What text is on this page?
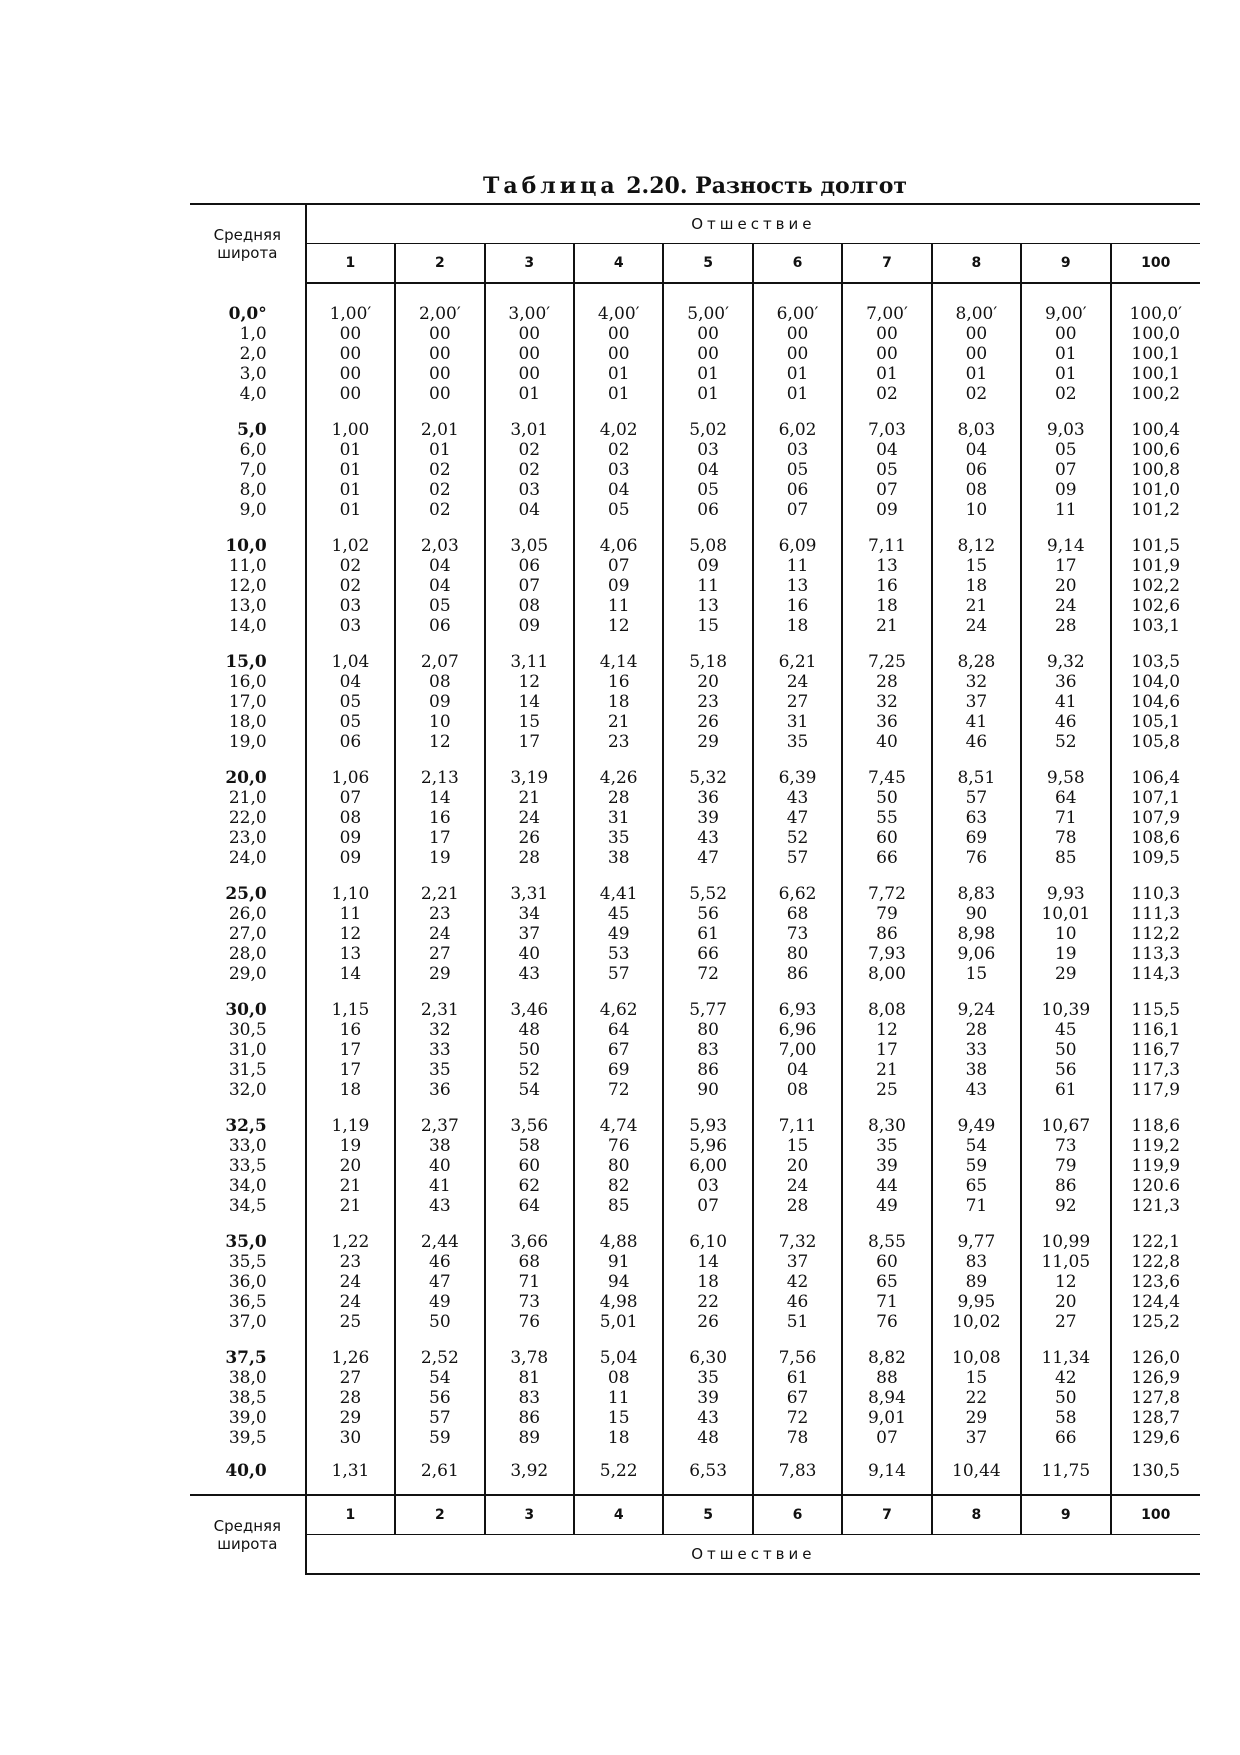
Таблица 2.20. Разность долгот
Средняя
широта	Отшествие									
	1	2	3	4	5	6	7	8	9	100

0,0°	1,00′	2,00′	3,00′	4,00′	5,00′	6,00′	7,00′	8,00′	9,00′	100,0′
1,0	00	00	00	00	00	00	00	00	00	100,0
2,0	00	00	00	00	00	00	00	00	01	100,1
3,0	00	00	00	01	01	01	01	01	01	100,1
4,0	00	00	01	01	01	01	02	02	02	100,2

5,0	1,00	2,01	3,01	4,02	5,02	6,02	7,03	8,03	9,03	100,4
6,0	01	01	02	02	03	03	04	04	05	100,6
7,0	01	02	02	03	04	05	05	06	07	100,8
8,0	01	02	03	04	05	06	07	08	09	101,0
9,0	01	02	04	05	06	07	09	10	11	101,2

10,0	1,02	2,03	3,05	4,06	5,08	6,09	7,11	8,12	9,14	101,5
11,0	02	04	06	07	09	11	13	15	17	101,9
12,0	02	04	07	09	11	13	16	18	20	102,2
13,0	03	05	08	11	13	16	18	21	24	102,6
14,0	03	06	09	12	15	18	21	24	28	103,1

15,0	1,04	2,07	3,11	4,14	5,18	6,21	7,25	8,28	9,32	103,5
16,0	04	08	12	16	20	24	28	32	36	104,0
17,0	05	09	14	18	23	27	32	37	41	104,6
18,0	05	10	15	21	26	31	36	41	46	105,1
19,0	06	12	17	23	29	35	40	46	52	105,8

20,0	1,06	2,13	3,19	4,26	5,32	6,39	7,45	8,51	9,58	106,4
21,0	07	14	21	28	36	43	50	57	64	107,1
22,0	08	16	24	31	39	47	55	63	71	107,9
23,0	09	17	26	35	43	52	60	69	78	108,6
24,0	09	19	28	38	47	57	66	76	85	109,5

25,0	1,10	2,21	3,31	4,41	5,52	6,62	7,72	8,83	9,93	110,3
26,0	11	23	34	45	56	68	79	90	10,01	111,3
27,0	12	24	37	49	61	73	86	8,98	10	112,2
28,0	13	27	40	53	66	80	7,93	9,06	19	113,3
29,0	14	29	43	57	72	86	8,00	15	29	114,3

30,0	1,15	2,31	3,46	4,62	5,77	6,93	8,08	9,24	10,39	115,5
30,5	16	32	48	64	80	6,96	12	28	45	116,1
31,0	17	33	50	67	83	7,00	17	33	50	116,7
31,5	17	35	52	69	86	04	21	38	56	117,3
32,0	18	36	54	72	90	08	25	43	61	117,9

32,5	1,19	2,37	3,56	4,74	5,93	7,11	8,30	9,49	10,67	118,6
33,0	19	38	58	76	5,96	15	35	54	73	119,2
33,5	20	40	60	80	6,00	20	39	59	79	119,9
34,0	21	41	62	82	03	24	44	65	86	120.6
34,5	21	43	64	85	07	28	49	71	92	121,3

35,0	1,22	2,44	3,66	4,88	6,10	7,32	8,55	9,77	10,99	122,1
35,5	23	46	68	91	14	37	60	83	11,05	122,8
36,0	24	47	71	94	18	42	65	89	12	123,6
36,5	24	49	73	4,98	22	46	71	9,95	20	124,4
37,0	25	50	76	5,01	26	51	76	10,02	27	125,2

37,5	1,26	2,52	3,78	5,04	6,30	7,56	8,82	10,08	11,34	126,0
38,0	27	54	81	08	35	61	88	15	42	126,9
38,5	28	56	83	11	39	67	8,94	22	50	127,8
39,0	29	57	86	15	43	72	9,01	29	58	128,7
39,5	30	59	89	18	48	78	07	37	66	129,6
40,0	1,31	2,61	3,92	5,22	6,53	7,83	9,14	10,44	11,75	130,5

Средняя
широта	1	2	3	4	5	6	7	8	9	100
	Отшествие									
